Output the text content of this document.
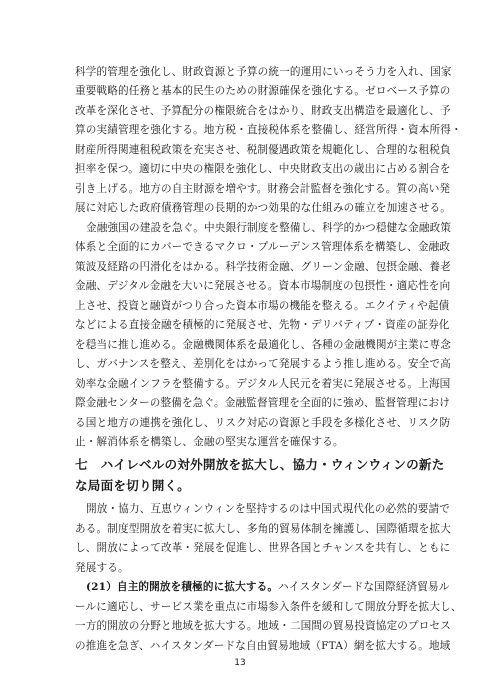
科学的管理を強化し、財政資源と予算の統一的運用にいっそう力を入れ、国家
重要戦略的任務と基本的民生のための財源確保を強化する。ゼロベース予算の
改革を深化させ、予算配分の権限統合をはかり、財政支出構造を最適化し、予
算の実績管理を強化する。地方税・直接税体系を整備し、経営所得・資本所得・
財産所得関連租税政策を充実させ、税制優遇政策を規範化し、合理的な租税負
担率を保つ。適切に中央の権限を強化し、中央財政支出の歳出に占める割合を
引き上げる。地方の自主財源を増やす。財務会計監督を強化する。質の高い発
展に対応した政府債務管理の長期的かつ効果的な仕組みの確立を加速させる。
金融強国の建設を急ぐ。中央銀行制度を整備し、科学的かつ穏健な金融政策
体系と全面的にカバーできるマクロ・プルーデンス管理体系を構築し、金融政
策波及経路の円滑化をはかる。科学技術金融、グリーン金融、包摂金融、養老
金融、デジタル金融を大いに発展させる。資本市場制度の包摂性・適応性を向
上させ、投資と融資がつり合った資本市場の機能を整える。エクイティや起債
などによる直接金融を積極的に発展させ、先物・デリバティブ・資産の証券化
を穏当に推し進める。金融機関体系を最適化し、各種の金融機関が主業に専念
し、ガバナンスを整え、差別化をはかって発展するよう推し進める。安全で高
効率な金融インフラを整備する。デジタル人民元を着実に発展させる。上海国
際金融センターの整備を急ぐ。金融監督管理を全面的に強め、監督管理におけ
る国と地方の連携を強化し、リスク対応の資源と手段を多様化させ、リスク防
止・解消体系を構築し、金融の堅実な運営を確保する。
七　ハイレベルの対外開放を拡大し、協力・ウィンウィンの新た
な局面を切り開く。
開放・協力、互恵ウィンウィンを堅持するのは中国式現代化の必然的要請で
ある。制度型開放を着実に拡大し、多角的貿易体制を擁護し、国際循環を拡大
し、開放によって改革・発展を促進し、世界各国とチャンスを共有し、ともに
発展する。
(21）自主的開放を積極的に拡大する。ハイスタンダードな国際経済貿易ル
ールに適応し、サービス業を重点に市場参入条件を緩和して開放分野を拡大し、
一方的開放の分野と地域を拡大する。地域・二国間の貿易投資協定のプロセス
の推進を急ぎ、ハイスタンダードな自由貿易地域（FTA）網を拡大する。地域
13
